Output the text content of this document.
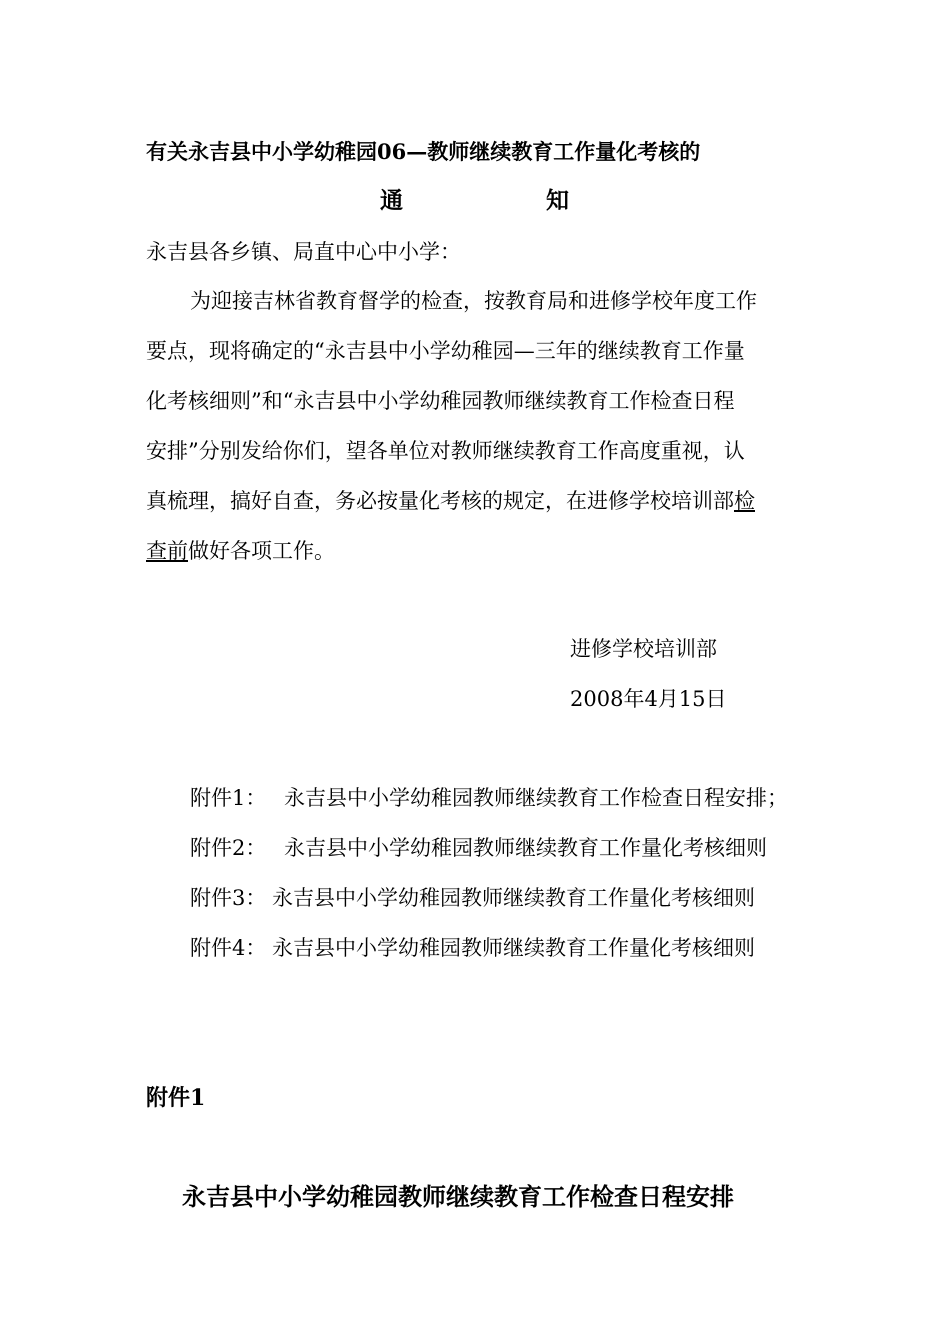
有关永吉县中小学幼稚园06—教师继续教育工作量化考核的
通	知
永吉县各乡镇、局直中心中小学：
为迎接吉林省教育督学的检查，按教育局和进修学校年度工作
要点，现将确定的“永吉县中小学幼稚园—三年的继续教育工作量
化考核细则”和“永吉县中小学幼稚园教师继续教育工作检查日程
安排”分别发给你们，望各单位对教师继续教育工作高度重视，认
真梳理，搞好自查，务必按量化考核的规定，在进修学校培训部检
查前做好各项工作。
进修学校培训部
2008年4月15日
附件1： 永吉县中小学幼稚园教师继续教育工作检查日程安排；
附件2： 永吉县中小学幼稚园教师继续教育工作量化考核细则
附件3： 永吉县中小学幼稚园教师继续教育工作量化考核细则
附件4： 永吉县中小学幼稚园教师继续教育工作量化考核细则
附件1
永吉县中小学幼稚园教师继续教育工作检查日程安排
